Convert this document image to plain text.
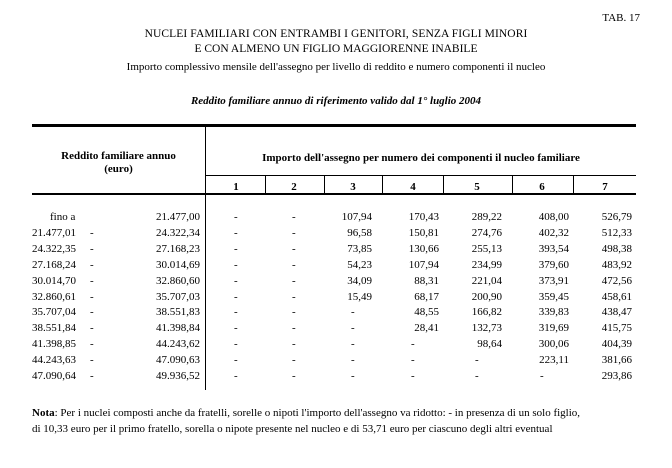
TAB. 17
NUCLEI FAMILIARI CON ENTRAMBI I GENITORI, SENZA FIGLI MINORI
E CON ALMENO UN FIGLIO MAGGIORENNE INABILE
Importo complessivo mensile dell'assegno per livello di reddito e numero componenti il nucleo
Reddito familiare annuo di riferimento valido dal 1° luglio 2004
Reddito familiare annuo
(euro)
Importo dell'assegno per numero dei componenti il nucleo familiare
1	2	3	4	5	6	7
fino a	21.477,00	-	-	107,94	170,43	289,22	408,00	526,79
21.477,01 -	24.322,34	-	-	96,58	150,81	274,76	402,32	512,33
24.322,35 -	27.168,23	-	-	73,85	130,66	255,13	393,54	498,38
27.168,24 -	30.014,69	-	-	54,23	107,94	234,99	379,60	483,92
30.014,70 -	32.860,60	-	-	34,09	88,31	221,04	373,91	472,56
32.860,61 -	35.707,03	-	-	15,49	68,17	200,90	359,45	458,61
35.707,04 -	38.551,83	-	-	-	48,55	166,82	339,83	438,47
38.551,84 -	41.398,84	-	-	-	28,41	132,73	319,69	415,75
41.398,85 -	44.243,62	-	-	-	-	98,64	300,06	404,39
44.243,63 -	47.090,63	-	-	-	-	-	223,11	381,66
47.090,64 -	49.936,52	-	-	-	-	-	-	293,86
Nota: Per i nuclei composti anche da fratelli, sorelle o nipoti l'importo dell'assegno va ridotto: - in presenza di un solo figlio,
di 10,33 euro per il primo fratello, sorella o nipote presente nel nucleo e di 53,71 euro per ciascuno degli altri eventual
